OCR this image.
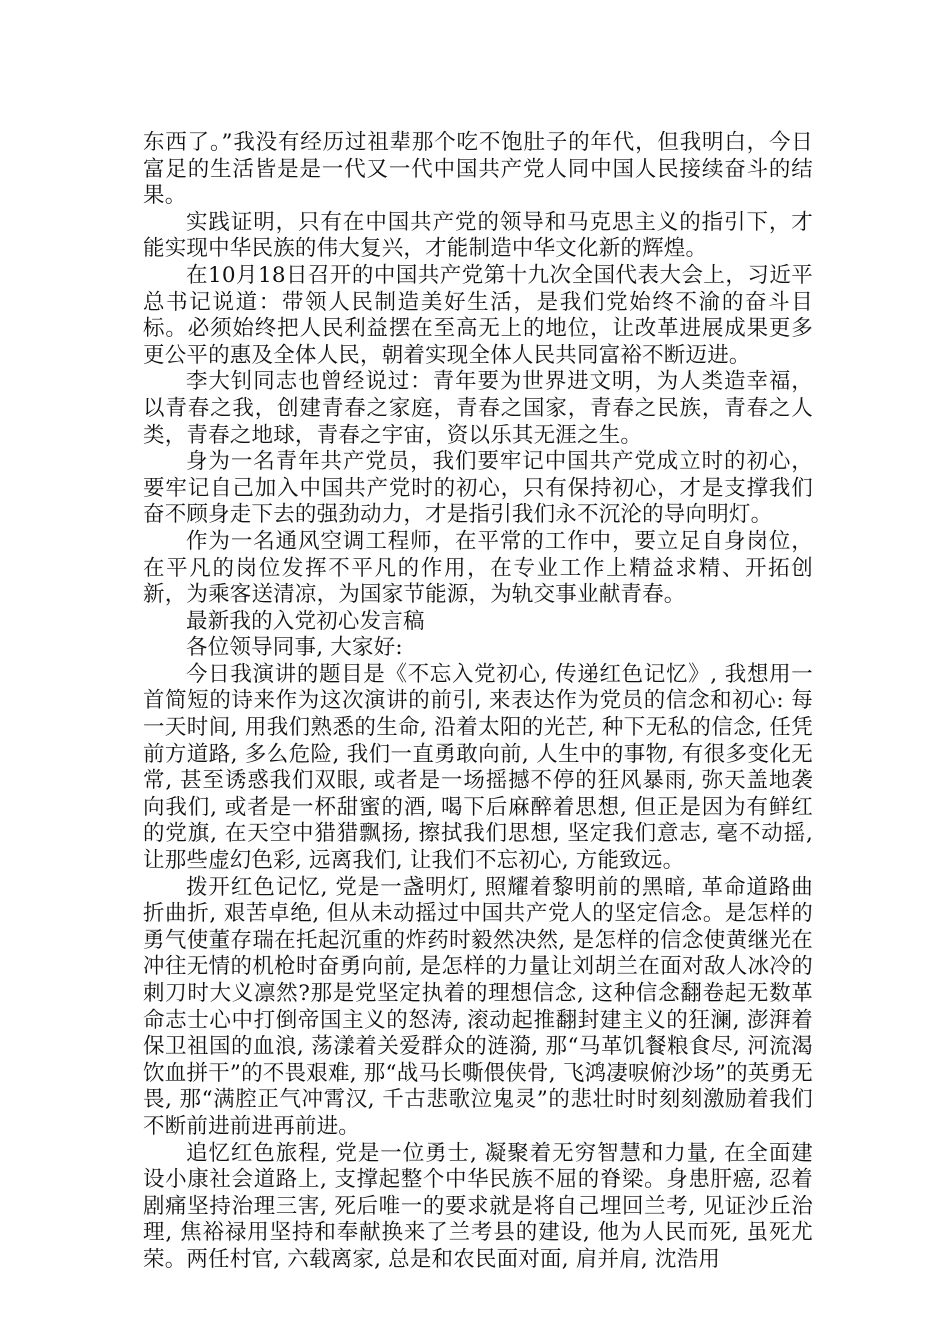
东西了。”我没有经历过祖辈那个吃不饱肚子的年代，但我明白，今日富足的生活皆是是一代又一代中国共产党人同中国人民接续奋斗的结果。

实践证明，只有在中国共产党的领导和马克思主义的指引下，才能实现中华民族的伟大复兴，才能制造中华文化新的辉煌。

在10月18日召开的中国共产党第十九次全国代表大会上，习近平总书记说道：带领人民制造美好生活，是我们党始终不渝的奋斗目标。必须始终把人民利益摆在至高无上的地位，让改革进展成果更多更公平的惠及全体人民，朝着实现全体人民共同富裕不断迈进。

李大钊同志也曾经说过：青年要为世界进文明，为人类造幸福，以青春之我，创建青春之家庭，青春之国家，青春之民族，青春之人类，青春之地球，青春之宇宙，资以乐其无涯之生。

身为一名青年共产党员，我们要牢记中国共产党成立时的初心，要牢记自己加入中国共产党时的初心，只有保持初心，才是支撑我们奋不顾身走下去的强劲动力，才是指引我们永不沉沦的导向明灯。

作为一名通风空调工程师，在平常的工作中，要立足自身岗位，在平凡的岗位发挥不平凡的作用，在专业工作上精益求精、开拓创新，为乘客送清凉，为国家节能源，为轨交事业献青春。

最新我的入党初心发言稿

各位领导同事, 大家好:

今日我演讲的题目是《不忘入党初心, 传递红色记忆》, 我想用一首简短的诗来作为这次演讲的前引, 来表达作为党员的信念和初心: 每一天时间, 用我们熟悉的生命, 沿着太阳的光芒, 种下无私的信念, 任凭前方道路, 多么危险, 我们一直勇敢向前, 人生中的事物, 有很多变化无常, 甚至诱惑我们双眼, 或者是一场摇撼不停的狂风暴雨, 弥天盖地袭向我们, 或者是一杯甜蜜的酒, 喝下后麻醉着思想, 但正是因为有鲜红的党旗, 在天空中猎猎飘扬, 擦拭我们思想, 坚定我们意志, 毫不动摇, 让那些虚幻色彩, 远离我们, 让我们不忘初心, 方能致远。

拨开红色记忆, 党是一盏明灯, 照耀着黎明前的黑暗, 革命道路曲折曲折, 艰苦卓绝, 但从未动摇过中国共产党人的坚定信念。是怎样的勇气使董存瑞在托起沉重的炸药时毅然决然, 是怎样的信念使黄继光在冲往无情的机枪时奋勇向前, 是怎样的力量让刘胡兰在面对敌人冰冷的刺刀时大义凛然?那是党坚定执着的理想信念, 这种信念翻卷起无数革命志士心中打倒帝国主义的怒涛, 滚动起推翻封建主义的狂澜, 澎湃着保卫祖国的血浪, 荡漾着关爱群众的涟漪, 那“马革饥餐粮食尽, 河流渴饮血拼干”的不畏艰难, 那“战马长嘶偎侠骨, 飞鸿凄唳俯沙场”的英勇无畏, 那“满腔正气冲霄汉, 千古悲歌泣鬼灵”的悲壮时时刻刻激励着我们不断前进前进再前进。

追忆红色旅程, 党是一位勇士, 凝聚着无穷智慧和力量, 在全面建设小康社会道路上, 支撑起整个中华民族不屈的脊梁。身患肝癌, 忍着剧痛坚持治理三害, 死后唯一的要求就是将自己埋回兰考, 见证沙丘治理, 焦裕禄用坚持和奉献换来了兰考县的建设, 他为人民而死, 虽死尤荣。两任村官, 六载离家, 总是和农民面对面, 肩并肩, 沈浩用
